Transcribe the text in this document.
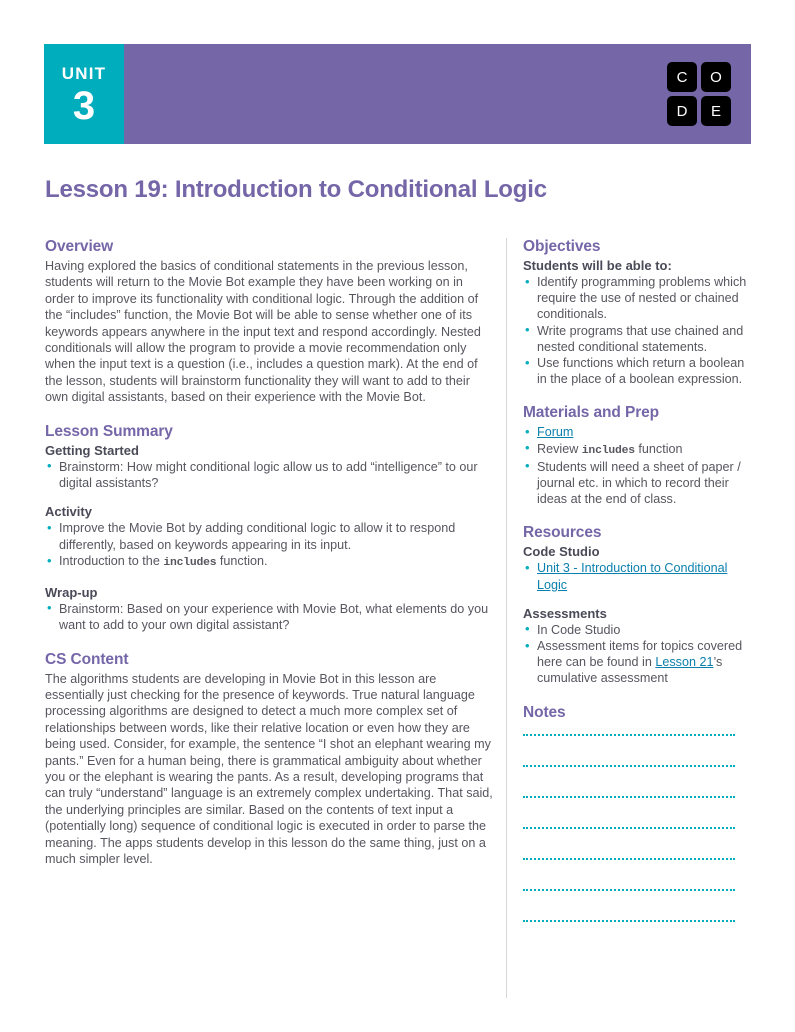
UNIT
3
C	O
D	E
Lesson 19: Introduction to Conditional Logic
Overview

Having explored the basics of conditional statements in the previous lesson, students will return to the Movie Bot example they have been working on in order to improve its functionality with conditional logic. Through the addition of the “includes” function, the Movie Bot will be able to sense whether one of its keywords appears anywhere in the input text and respond accordingly. Nested conditionals will allow the program to provide a movie recommendation only when the input text is a question (i.e., includes a question mark). At the end of the lesson, students will brainstorm functionality they will want to add to their own digital assistants, based on their experience with the Movie Bot.

Lesson Summary
Getting Started
• Brainstorm: How might conditional logic allow us to add “intelligence” to our digital assistants?
Activity
• Improve the Movie Bot by adding conditional logic to allow it to respond differently, based on keywords appearing in its input.
• Introduction to the includes function.
Wrap-up
• Brainstorm: Based on your experience with Movie Bot, what elements do you want to add to your own digital assistant?
CS Content

The algorithms students are developing in Movie Bot in this lesson are essentially just checking for the presence of keywords. True natural language processing algorithms are designed to detect a much more complex set of relationships between words, like their relative location or even how they are being used. Consider, for example, the sentence “I shot an elephant wearing my pants.” Even for a human being, there is grammatical ambiguity about whether you or the elephant is wearing the pants. As a result, developing programs that can truly “understand” language is an extremely complex undertaking. That said, the underlying principles are similar. Based on the contents of text input a (potentially long) sequence of conditional logic is executed in order to parse the meaning. The apps students develop in this lesson do the same thing, just on a much simpler level.

Objectives
Students will be able to:
• Identify programming problems which require the use of nested or chained conditionals.
• Write programs that use chained and nested conditional statements.
• Use functions which return a boolean in the place of a boolean expression.
Materials and Prep
• Forum
• Review includes function
• Students will need a sheet of paper / journal etc. in which to record their ideas at the end of class.
Resources
Code Studio
• Unit 3 - Introduction to Conditional Logic
Assessments
• In Code Studio
• Assessment items for topics covered here can be found in Lesson 21’s cumulative assessment
Notes
